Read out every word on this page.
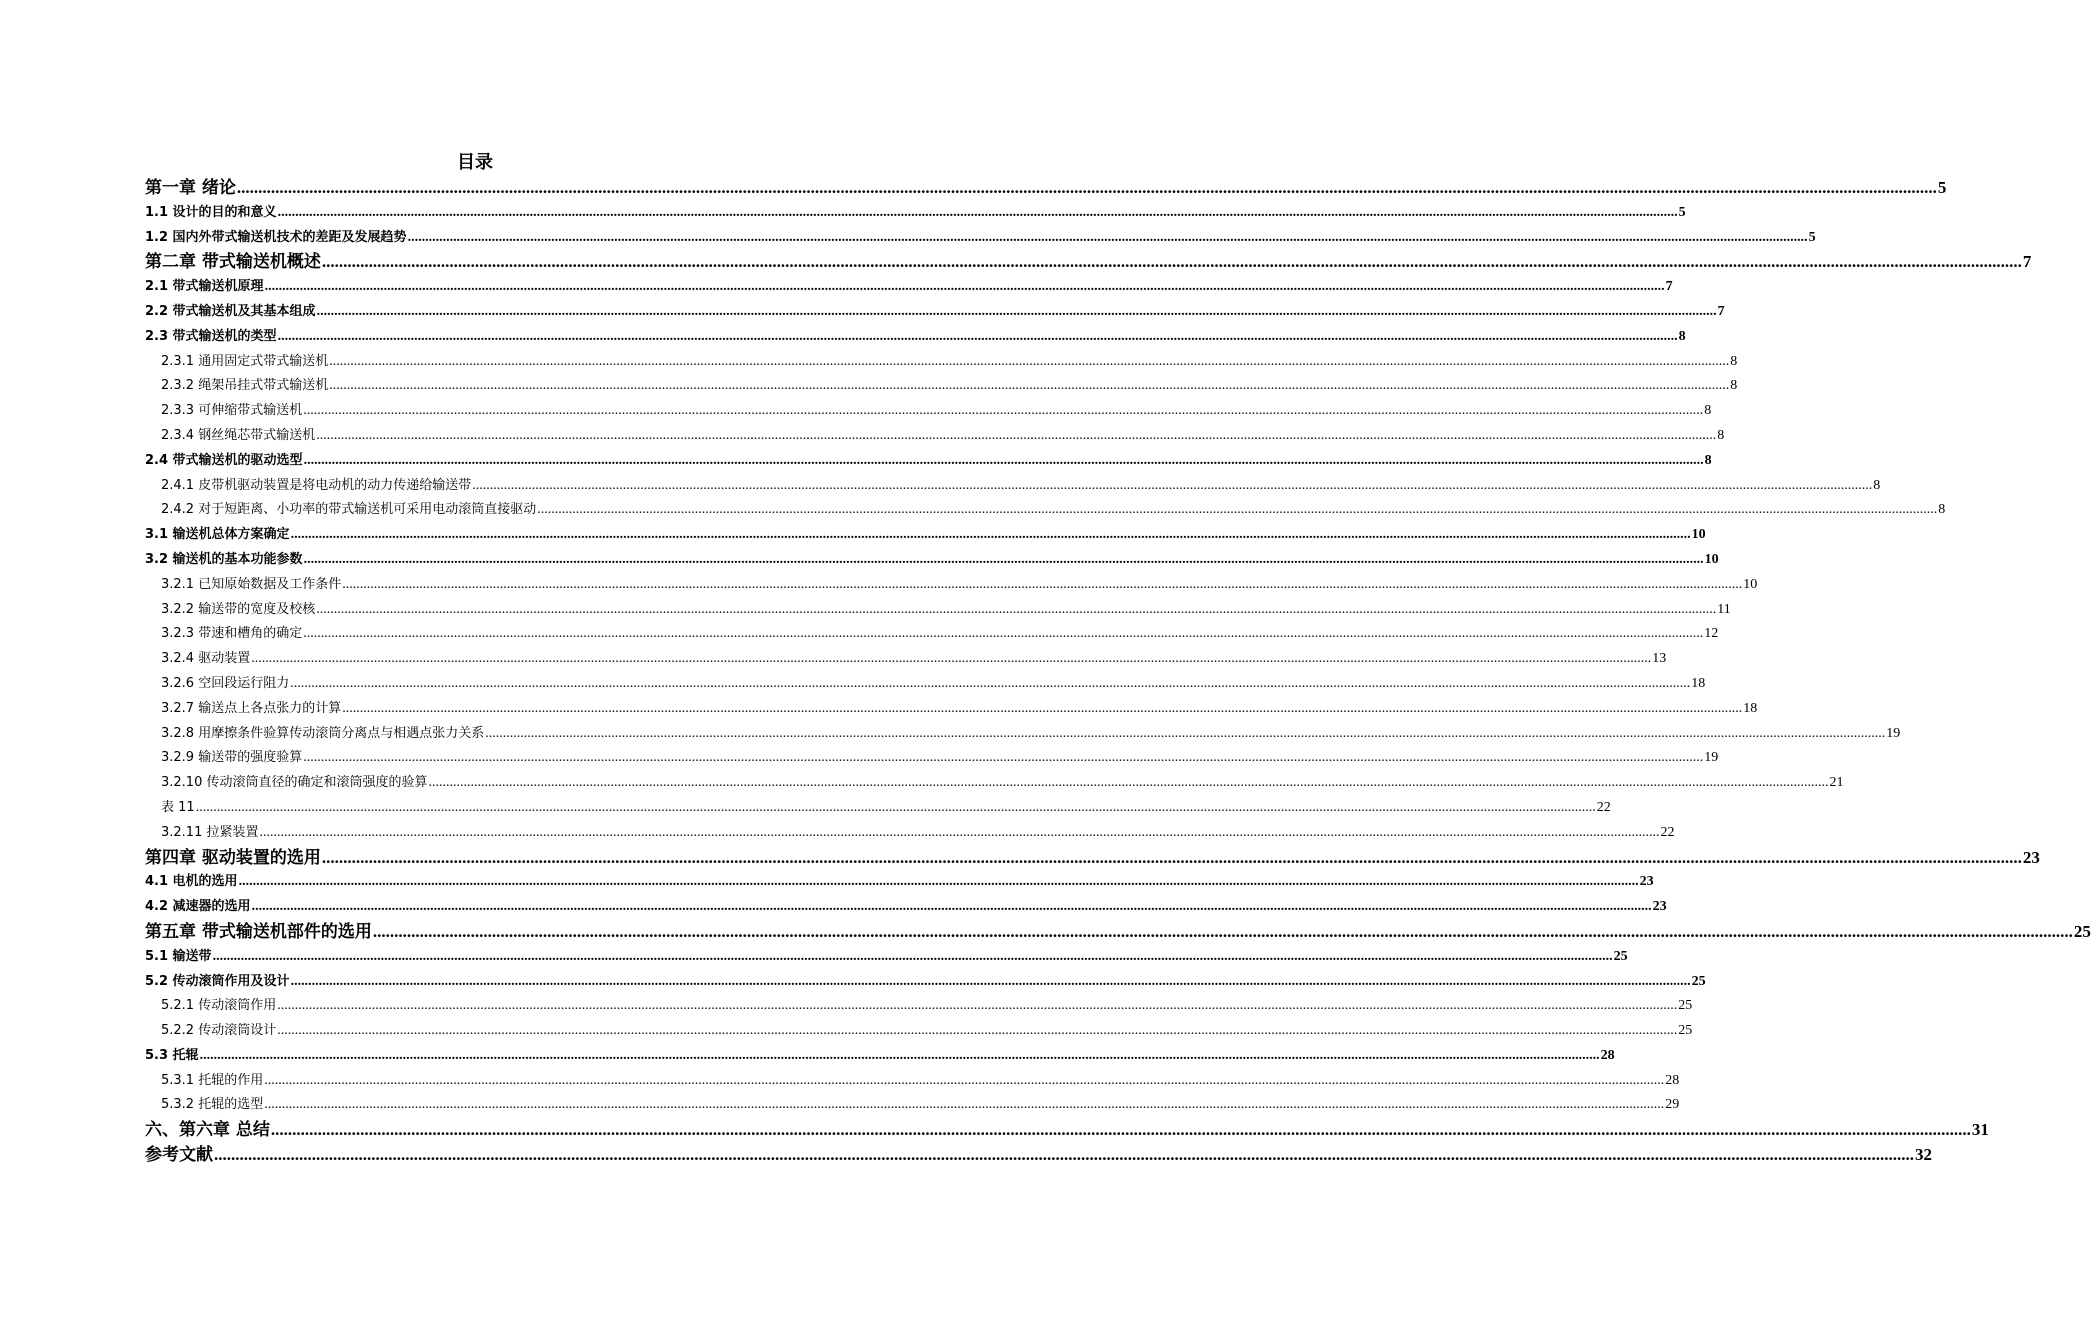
目录
第一章 绪论 ................................................................................................................................................................................................................................................................................................................................................................................................................ 5
1.1 设计的目的和意义 ................................................................................................................................................................................................................................................................................................................................................................................................................ 5
1.2 国内外带式输送机技术的差距及发展趋势 ................................................................................................................................................................................................................................................................................................................................................................................................................ 5
第二章 带式输送机概述 ................................................................................................................................................................................................................................................................................................................................................................................................................ 7
2.1 带式输送机原理 ................................................................................................................................................................................................................................................................................................................................................................................................................ 7
2.2 带式输送机及其基本组成 ................................................................................................................................................................................................................................................................................................................................................................................................................ 7
2.3 带式输送机的类型 ................................................................................................................................................................................................................................................................................................................................................................................................................ 8
2.3.1 通用固定式带式输送机 ................................................................................................................................................................................................................................................................................................................................................................................................................ 8
2.3.2 绳架吊挂式带式输送机 ................................................................................................................................................................................................................................................................................................................................................................................................................ 8
2.3.3 可伸缩带式输送机 ................................................................................................................................................................................................................................................................................................................................................................................................................ 8
2.3.4 钢丝绳芯带式输送机 ................................................................................................................................................................................................................................................................................................................................................................................................................ 8
2.4 带式输送机的驱动选型 ................................................................................................................................................................................................................................................................................................................................................................................................................ 8
2.4.1 皮带机驱动装置是将电动机的动力传递给输送带 ................................................................................................................................................................................................................................................................................................................................................................................................................ 8
2.4.2 对于短距离、小功率的带式输送机可采用电动滚筒直接驱动 ................................................................................................................................................................................................................................................................................................................................................................................................................ 8
3.1 输送机总体方案确定 ................................................................................................................................................................................................................................................................................................................................................................................................................ 10
3.2 输送机的基本功能参数 ................................................................................................................................................................................................................................................................................................................................................................................................................ 10
3.2.1 已知原始数据及工作条件 ................................................................................................................................................................................................................................................................................................................................................................................................................ 10
3.2.2 输送带的宽度及校核 ................................................................................................................................................................................................................................................................................................................................................................................................................ 11
3.2.3 带速和槽角的确定 ................................................................................................................................................................................................................................................................................................................................................................................................................ 12
3.2.4 驱动装置 ................................................................................................................................................................................................................................................................................................................................................................................................................ 13
3.2.6 空回段运行阻力 ................................................................................................................................................................................................................................................................................................................................................................................................................ 18
3.2.7 输送点上各点张力的计算 ................................................................................................................................................................................................................................................................................................................................................................................................................ 18
3.2.8 用摩擦条件验算传动滚筒分离点与相遇点张力关系 ................................................................................................................................................................................................................................................................................................................................................................................................................ 19
3.2.9 输送带的强度验算 ................................................................................................................................................................................................................................................................................................................................................................................................................ 19
3.2.10 传动滚筒直径的确定和滚筒强度的验算 ................................................................................................................................................................................................................................................................................................................................................................................................................ 21
表 11 ................................................................................................................................................................................................................................................................................................................................................................................................................ 22
3.2.11 拉紧装置 ................................................................................................................................................................................................................................................................................................................................................................................................................ 22
第四章 驱动装置的选用 ................................................................................................................................................................................................................................................................................................................................................................................................................ 23
4.1 电机的选用 ................................................................................................................................................................................................................................................................................................................................................................................................................ 23
4.2 减速器的选用 ................................................................................................................................................................................................................................................................................................................................................................................................................ 23
第五章 带式输送机部件的选用 ................................................................................................................................................................................................................................................................................................................................................................................................................ 25
5.1 输送带 ................................................................................................................................................................................................................................................................................................................................................................................................................ 25
5.2 传动滚筒作用及设计 ................................................................................................................................................................................................................................................................................................................................................................................................................ 25
5.2.1 传动滚筒作用 ................................................................................................................................................................................................................................................................................................................................................................................................................ 25
5.2.2 传动滚筒设计 ................................................................................................................................................................................................................................................................................................................................................................................................................ 25
5.3 托辊 ................................................................................................................................................................................................................................................................................................................................................................................................................ 28
5.3.1 托辊的作用 ................................................................................................................................................................................................................................................................................................................................................................................................................ 28
5.3.2 托辊的选型 ................................................................................................................................................................................................................................................................................................................................................................................................................ 29
六、第六章 总结 ................................................................................................................................................................................................................................................................................................................................................................................................................ 31
参考文献 ................................................................................................................................................................................................................................................................................................................................................................................................................ 32
